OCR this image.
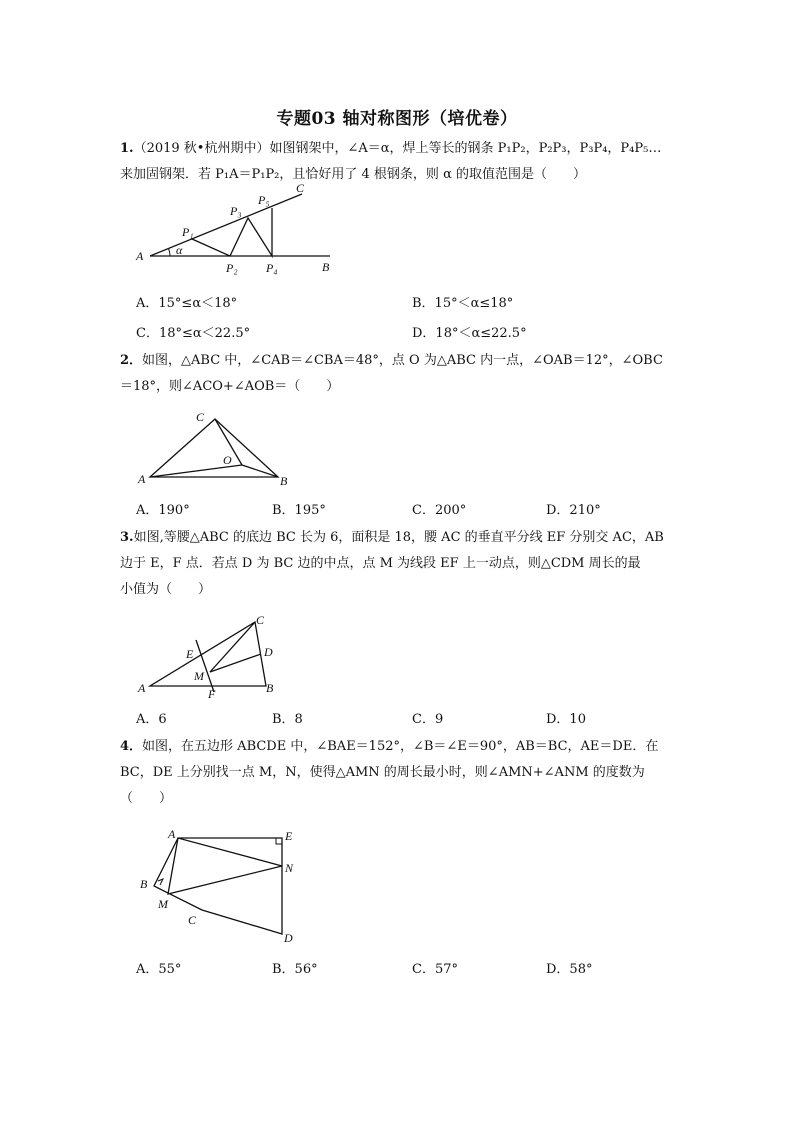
专题03 轴对称图形（培优卷）
1.（2019 秋•杭州期中）如图钢架中，∠A＝α，焊上等长的钢条 P₁P₂，P₂P₃，P₃P₄，P₄P₅…
来加固钢架．若 P₁A＝P₁P₂，且恰好用了 4 根钢条，则 α 的取值范围是（　　）
A
B
C
P₁
P₂
P₃
P₄
P₅
α
A．15°≤α＜18°	B．15°＜α≤18°
C．18°≤α＜22.5°	D．18°＜α≤22.5°
2．如图，△ABC 中，∠CAB＝∠CBA＝48°，点 O 为△ABC 内一点，∠OAB＝12°，∠OBC
＝18°，则∠ACO+∠AOB＝（　　）
A	B
C
O
A．190°	B．195°	C．200°	D．210°
3.如图,等腰△ABC 的底边 BC 长为 6，面积是 18，腰 AC 的垂直平分线 EF 分别交 AC，AB
边于 E，F 点．若点 D 为 BC 边的中点，点 M 为线段 EF 上一动点，则△CDM 周长的最
小值为（　　）
A	B
C
D
E
F
M
A．6	B．8	C．9	D．10
4．如图，在五边形 ABCDE 中，∠BAE＝152°，∠B＝∠E＝90°，AB＝BC，AE＝DE．在
BC，DE 上分别找一点 M，N，使得△AMN 的周长最小时，则∠AMN+∠ANM 的度数为
（　　）
A
B
C
D
E
M
N
A．55°	B．56°	C．57°	D．58°
